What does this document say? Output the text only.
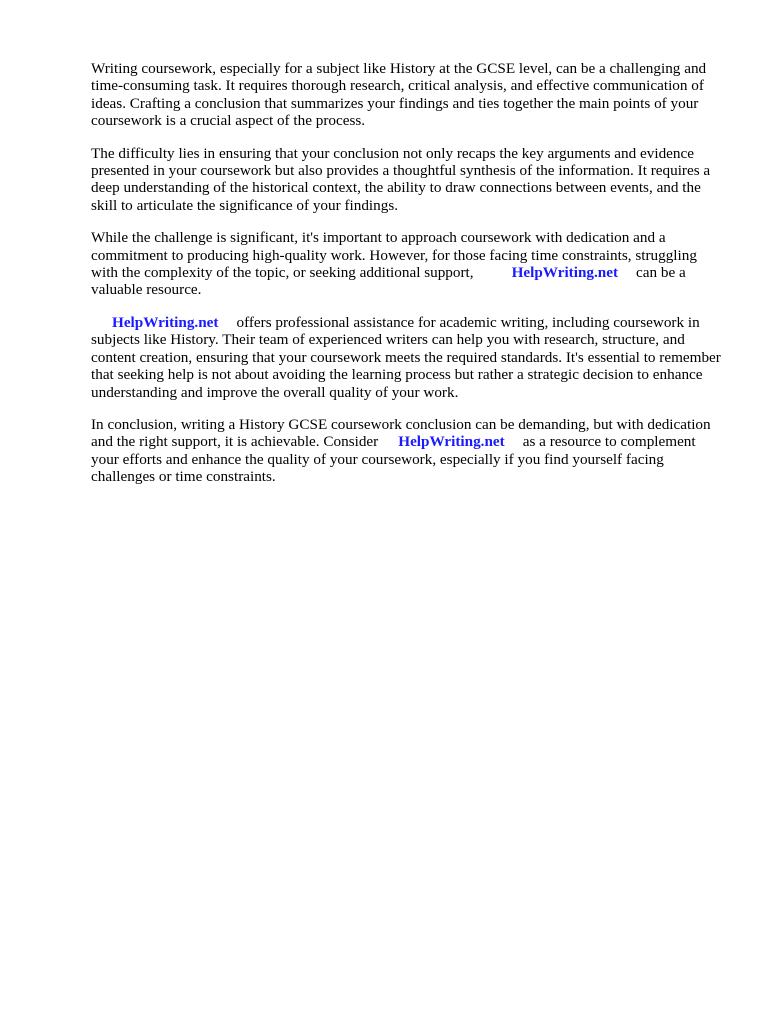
Writing coursework, especially for a subject like History at the GCSE level, can be a challenging and time-consuming task. It requires thorough research, critical analysis, and effective communication of ideas. Crafting a conclusion that summarizes your findings and ties together the main points of your coursework is a crucial aspect of the process.

The difficulty lies in ensuring that your conclusion not only recaps the key arguments and evidence presented in your coursework but also provides a thoughtful synthesis of the information. It requires a deep understanding of the historical context, the ability to draw connections between events, and the skill to articulate the significance of your findings.

While the challenge is significant, it's important to approach coursework with dedication and a commitment to producing high-quality work. However, for those facing time constraints, struggling with the complexity of the topic, or seeking additional support,	HelpWriting.net can be a valuable resource.

HelpWriting.net offers professional assistance for academic writing, including coursework in subjects like History. Their team of experienced writers can help you with research, structure, and content creation, ensuring that your coursework meets the required standards. It's essential to remember that seeking help is not about avoiding the learning process but rather a strategic decision to enhance understanding and improve the overall quality of your work.

In conclusion, writing a History GCSE coursework conclusion can be demanding, but with dedication and the right support, it is achievable. Consider HelpWriting.net as a resource to complement your efforts and enhance the quality of your coursework, especially if you find yourself facing challenges or time constraints.
